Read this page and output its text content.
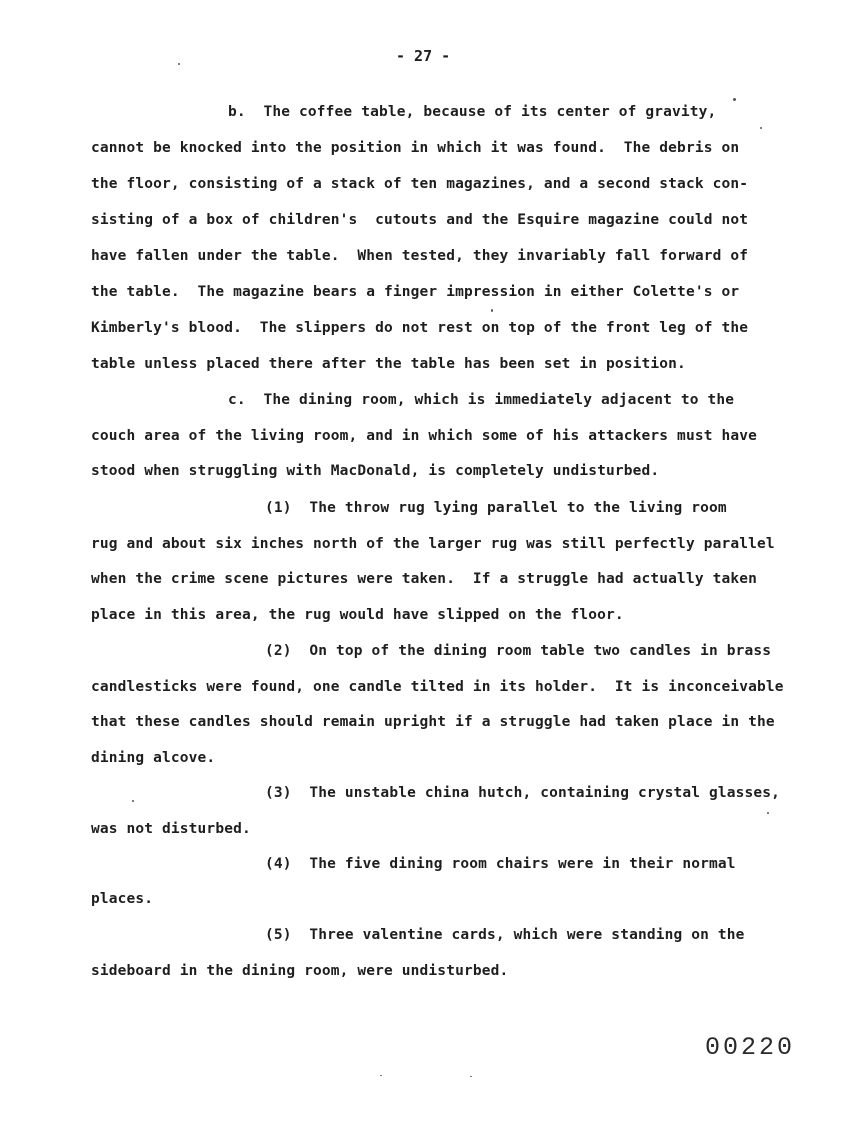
- 27 -
b.  The coffee table, because of its center of gravity,
cannot be knocked into the position in which it was found.  The debris on
the floor, consisting of a stack of ten magazines, and a second stack con-
sisting of a box of children's  cutouts and the Esquire magazine could not
have fallen under the table.  When tested, they invariably fall forward of
the table.  The magazine bears a finger impression in either Colette's or
Kimberly's blood.  The slippers do not rest on top of the front leg of the
table unless placed there after the table has been set in position.
c.  The dining room, which is immediately adjacent to the
couch area of the living room, and in which some of his attackers must have
stood when struggling with MacDonald, is completely undisturbed.
(1)  The throw rug lying parallel to the living room
rug and about six inches north of the larger rug was still perfectly parallel
when the crime scene pictures were taken.  If a struggle had actually taken
place in this area, the rug would have slipped on the floor.
(2)  On top of the dining room table two candles in brass
candlesticks were found, one candle tilted in its holder.  It is inconceivable
that these candles should remain upright if a struggle had taken place in the
dining alcove.
(3)  The unstable china hutch, containing crystal glasses,
was not disturbed.
(4)  The five dining room chairs were in their normal
places.
(5)  Three valentine cards, which were standing on the
sideboard in the dining room, were undisturbed.
00220
